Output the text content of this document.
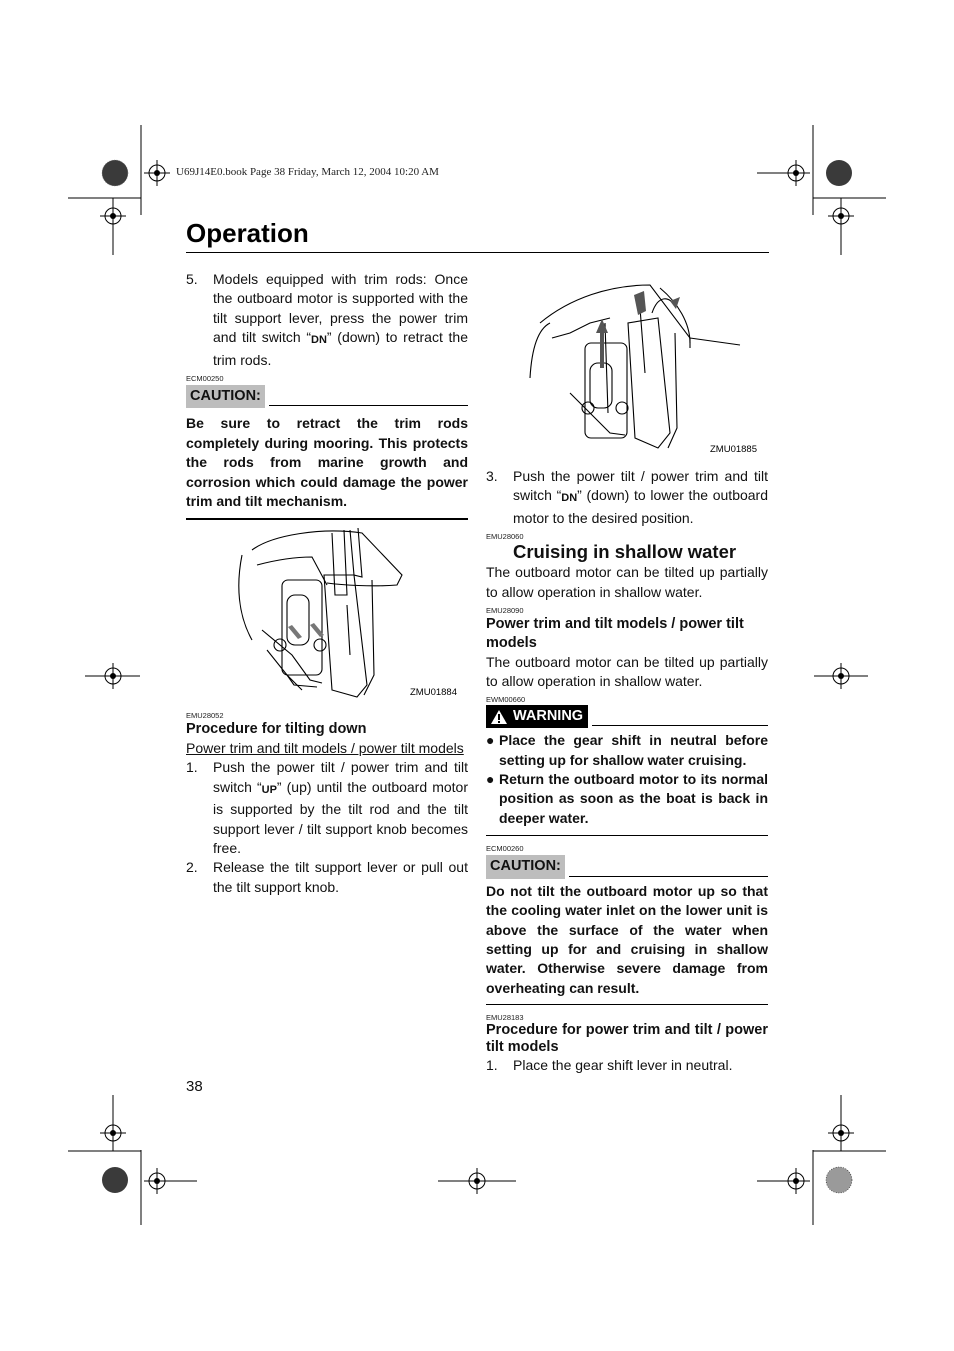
U69J14E0.book Page 38 Friday, March 12, 2004 10:20 AM
Operation
5.	Models equipped with trim rods: Once the outboard motor is supported with the tilt support lever, press the power trim and tilt switch “DN” (down) to retract the trim rods.
ECM00250
CAUTION:
Be sure to retract the trim rods completely during mooring. This protects the rods from marine growth and corrosion which could damage the power trim and tilt mechanism.
ZMU01884
EMU28052
Procedure for tilting down
Power trim and tilt models / power tilt models
1.	Push the power tilt / power trim and tilt switch “UP” (up) until the outboard motor is supported by the tilt rod and the tilt support lever / tilt support knob becomes free.
2.	Release the tilt support lever or pull out the tilt support knob.
ZMU01885
3.	Push the power tilt / power trim and tilt switch “DN” (down) to lower the outboard motor to the desired position.
EMU28060
Cruising in shallow water
The outboard motor can be tilted up partially to allow operation in shallow water.
EMU28090
Power trim and tilt models / power tilt models
The outboard motor can be tilted up partially to allow operation in shallow water.
EWM00660
WARNING
● Place the gear shift in neutral before setting up for shallow water cruising.
● Return the outboard motor to its normal position as soon as the boat is back in deeper water.
ECM00260
CAUTION:
Do not tilt the outboard motor up so that the cooling water inlet on the lower unit is above the surface of the water when setting up for and cruising in shallow water. Otherwise severe damage from overheating can result.
EMU28183
Procedure for power trim and tilt / power tilt models
1.	Place the gear shift lever in neutral.
38
